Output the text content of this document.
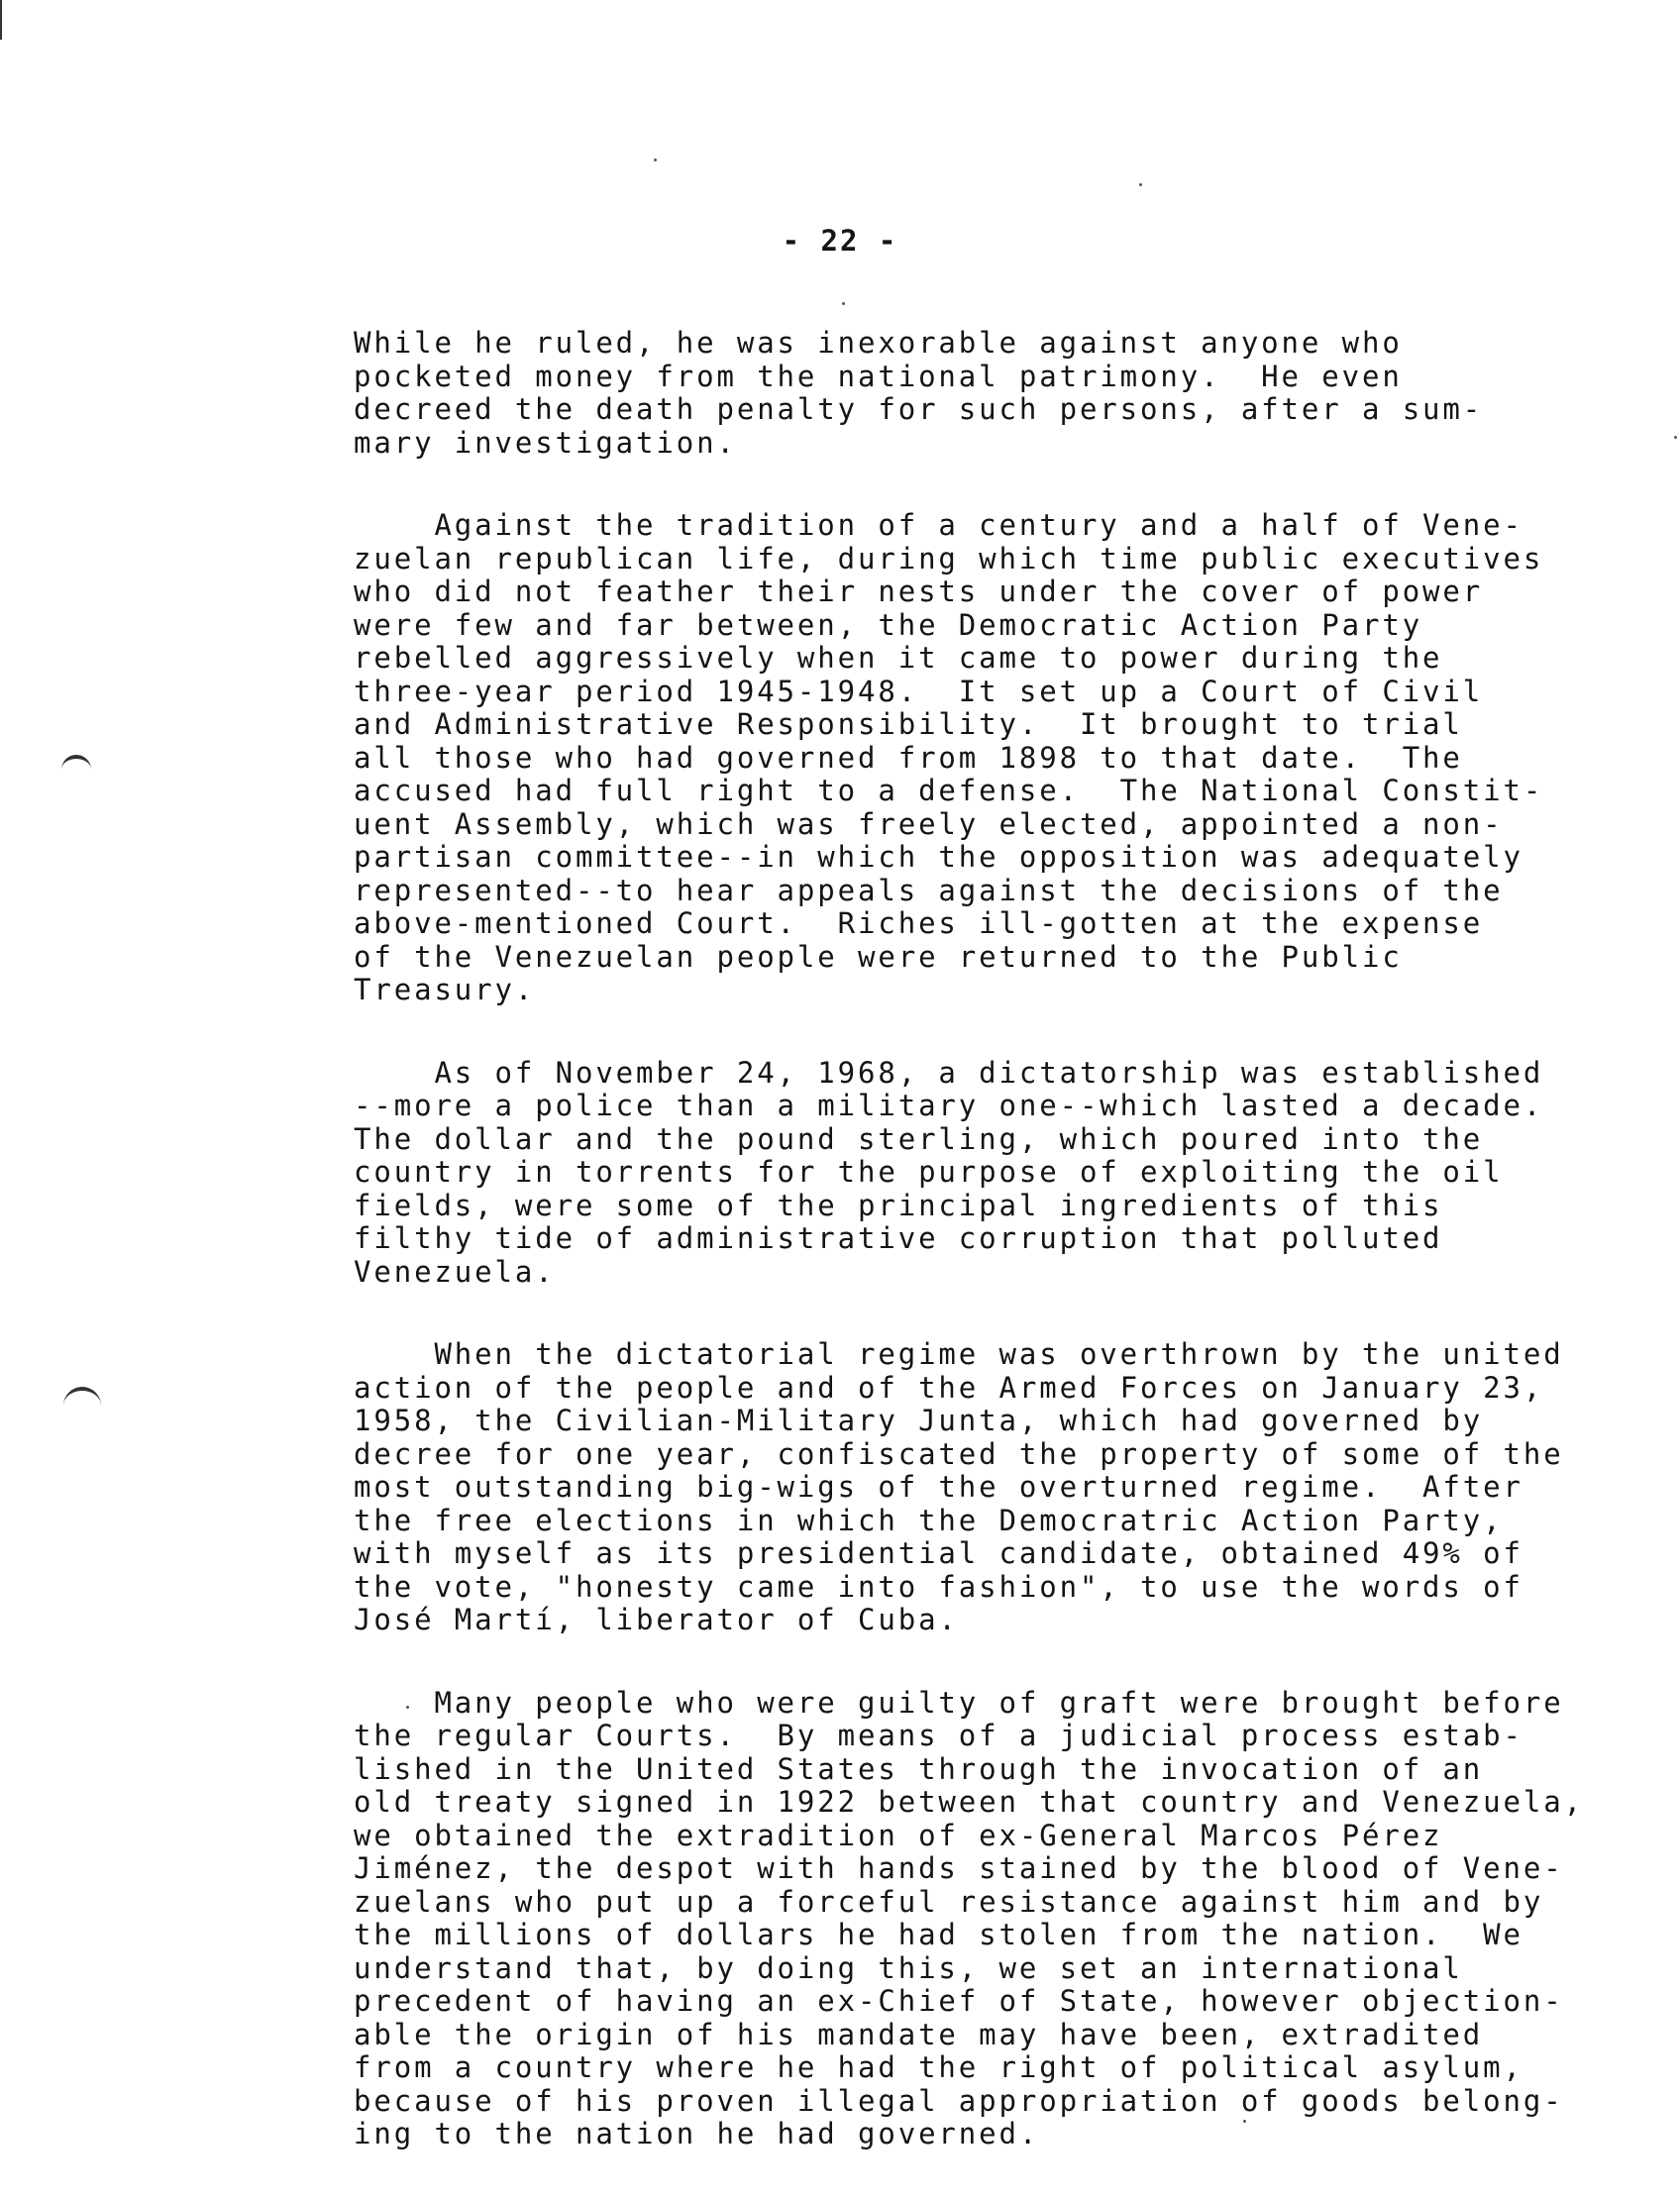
- 22 -
While he ruled, he was inexorable against anyone who
pocketed money from the national patrimony.  He even
decreed the death penalty for such persons, after a sum-
mary investigation.
Against the tradition of a century and a half of Vene-
zuelan republican life, during which time public executives
who did not feather their nests under the cover of power
were few and far between, the Democratic Action Party
rebelled aggressively when it came to power during the
three-year period 1945-1948.  It set up a Court of Civil
and Administrative Responsibility.  It brought to trial
all those who had governed from 1898 to that date.  The
accused had full right to a defense.  The National Constit-
uent Assembly, which was freely elected, appointed a non-
partisan committee--in which the opposition was adequately
represented--to hear appeals against the decisions of the
above-mentioned Court.  Riches ill-gotten at the expense
of the Venezuelan people were returned to the Public
Treasury.
As of November 24, 1968, a dictatorship was established
--more a police than a military one--which lasted a decade.
The dollar and the pound sterling, which poured into the
country in torrents for the purpose of exploiting the oil
fields, were some of the principal ingredients of this
filthy tide of administrative corruption that polluted
Venezuela.
When the dictatorial regime was overthrown by the united
action of the people and of the Armed Forces on January 23,
1958, the Civilian-Military Junta, which had governed by
decree for one year, confiscated the property of some of the
most outstanding big-wigs of the overturned regime.  After
the free elections in which the Democratric Action Party,
with myself as its presidential candidate, obtained 49% of
the vote, "honesty came into fashion", to use the words of
José Martí, liberator of Cuba.
Many people who were guilty of graft were brought before
the regular Courts.  By means of a judicial process estab-
lished in the United States through the invocation of an
old treaty signed in 1922 between that country and Venezuela,
we obtained the extradition of ex-General Marcos Pérez
Jiménez, the despot with hands stained by the blood of Vene-
zuelans who put up a forceful resistance against him and by
the millions of dollars he had stolen from the nation.  We
understand that, by doing this, we set an international
precedent of having an ex-Chief of State, however objection-
able the origin of his mandate may have been, extradited
from a country where he had the right of political asylum,
because of his proven illegal appropriation of goods belong-
ing to the nation he had governed.
